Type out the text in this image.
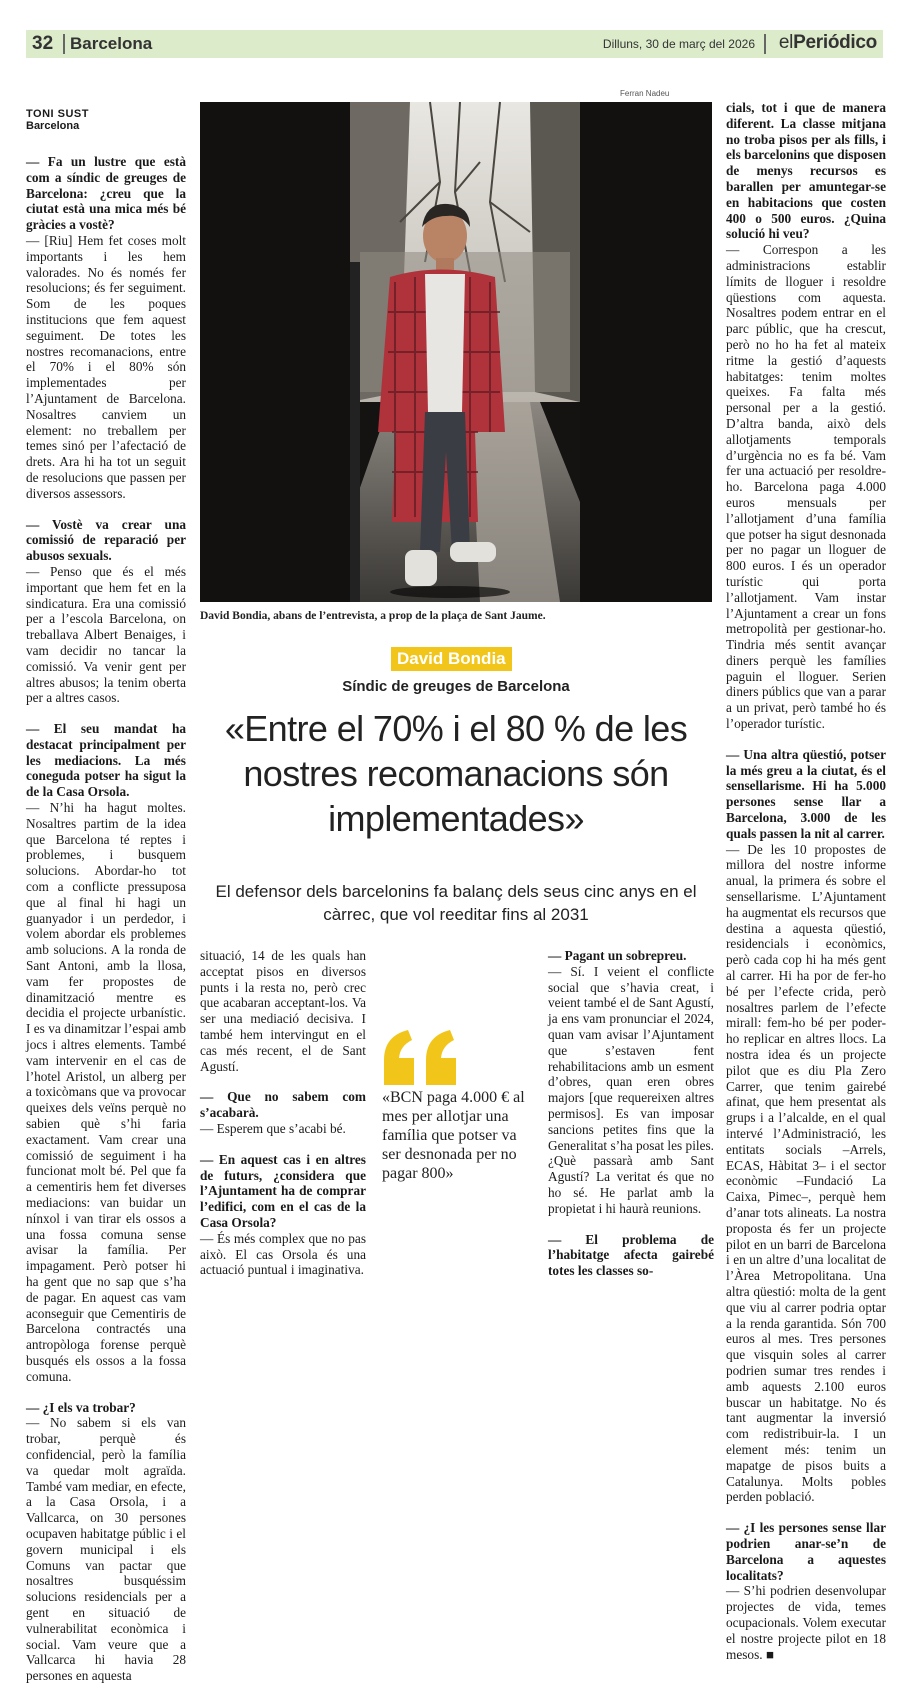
32 Barcelona	Dilluns, 30 de març del 2026 elPeriódico
TONI SUST
Barcelona

— Fa un lustre que està com a síndic de greuges de Barcelona: ¿creu que la ciutat està una mica més bé gràcies a vostè?

— [Riu] Hem fet coses molt importants i les hem valorades. No és només fer resolucions; és fer seguiment. Som de les poques institucions que fem aquest seguiment. De totes les nostres recomanacions, entre el 70% i el 80% són implementades per l’Ajuntament de Barcelona. Nosaltres canviem un element: no treballem per temes sinó per l’afectació de drets. Ara hi ha tot un seguit de resolucions que passen per diversos assessors.

— Vostè va crear una comissió de reparació per abusos sexuals.

— Penso que és el més important que hem fet en la sindicatura. Era una comissió per a l’escola Barcelona, on treballava Albert Benaiges, i vam decidir no tancar la comissió. Va venir gent per altres abusos; la tenim oberta per a altres casos.

— El seu mandat ha destacat principalment per les mediacions. La més coneguda potser ha sigut la de la Casa Orsola.

— N’hi ha hagut moltes. Nosaltres partim de la idea que Barcelona té reptes i problemes, i busquem solucions. Abordar-ho tot com a conflicte pressuposa que al final hi hagi un guanyador i un perdedor, i volem abordar els problemes amb solucions. A la ronda de Sant Antoni, amb la llosa, vam fer propostes de dinamització mentre es decidia el projecte urbanístic. I es va dinamitzar l’espai amb jocs i altres elements. També vam intervenir en el cas de l’hotel Aristol, un alberg per a toxicòmans que va provocar queixes dels veïns perquè no sabien què s’hi faria exactament. Vam crear una comissió de seguiment i ha funcionat molt bé. Pel que fa a cementiris hem fet diverses mediacions: van buidar un nínxol i van tirar els ossos a una fossa comuna sense avisar la família. Per impagament. Però potser hi ha gent que no sap que s’ha de pagar. En aquest cas vam aconseguir que Cementiris de Barcelona contractés una antropòloga forense perquè busqués els ossos a la fossa comuna.

— ¿I els va trobar?

— No sabem si els van trobar, perquè és confidencial, però la família va quedar molt agraïda. També vam mediar, en efecte, a la Casa Orsola, i a Vallcarca, on 30 persones ocupaven habitatge públic i el govern municipal i els Comuns van pactar que nosaltres busquéssim solucions residencials per a gent en situació de vulnerabilitat econòmica i social. Vam veure que a Vallcarca hi havia 28 persones en aquesta

Ferran Nadeu
David Bondia, abans de l’entrevista, a prop de la plaça de Sant Jaume.
David Bondia
Síndic de greuges de Barcelona
«Entre el 70% i el 80 % de les nostres recomanacions són implementades»
El defensor dels barcelonins fa balanç dels seus cinc anys en el càrrec, que vol reeditar fins al 2031

situació, 14 de les quals han acceptat pisos en diversos punts i la resta no, però crec que acabaran acceptant-los. Va ser una mediació decisiva. I també hem intervingut en el cas més recent, el de Sant Agustí.

— Que no sabem com s’acabarà.

— Esperem que s’acabi bé.

— En aquest cas i en altres de futurs, ¿considera que l’Ajuntament ha de comprar l’edifici, com en el cas de la Casa Orsola?

— És més complex que no pas això. El cas Orsola és una actuació puntual i imaginativa.

«BCN paga 4.000 € al mes per allotjar una família que potser va ser desnonada per no pagar 800»

— Pagant un sobrepreu.

— Sí. I veient el conflicte social que s’havia creat, i veient també el de Sant Agustí, ja ens vam pronunciar el 2024, quan vam avisar l’Ajuntament que s’estaven fent rehabilitacions amb un esment d’obres, quan eren obres majors [que requereixen altres permisos]. Es van imposar sancions petites fins que la Generalitat s’ha posat les piles. ¿Què passarà amb Sant Agustí? La veritat és que no ho sé. He parlat amb la propietat i hi haurà reunions.

— El problema de l’habitatge afecta gairebé totes les classes so-

cials, tot i que de manera diferent. La classe mitjana no troba pisos per als fills, i els barcelonins que disposen de menys recursos es barallen per amuntegar-se en habitacions que costen 400 o 500 euros. ¿Quina solució hi veu?

— Correspon a les administracions establir límits de lloguer i resoldre qüestions com aquesta. Nosaltres podem entrar en el parc públic, que ha crescut, però no ho ha fet al mateix ritme la gestió d’aquests habitatges: tenim moltes queixes. Fa falta més personal per a la gestió. D’altra banda, això dels allotjaments temporals d’urgència no es fa bé. Vam fer una actuació per resoldre-ho. Barcelona paga 4.000 euros mensuals per l’allotjament d’una família que potser ha sigut desnonada per no pagar un lloguer de 800 euros. I és un operador turístic qui porta l’allotjament. Vam instar l’Ajuntament a crear un fons metropolità per gestionar-ho. Tindria més sentit avançar diners perquè les famílies paguin el lloguer. Serien diners públics que van a parar a un privat, però també ho és l’operador turístic.

— Una altra qüestió, potser la més greu a la ciutat, és el sensellarisme. Hi ha 5.000 persones sense llar a Barcelona, 3.000 de les quals passen la nit al carrer.

— De les 10 propostes de millora del nostre informe anual, la primera és sobre el sensellarisme. L’Ajuntament ha augmentat els recursos que destina a aquesta qüestió, residencials i econòmics, però cada cop hi ha més gent al carrer. Hi ha por de fer-ho bé per l’efecte crida, però nosaltres parlem de l’efecte mirall: fem-ho bé per poder-ho replicar en altres llocs. La nostra idea és un projecte pilot que es diu Pla Zero Carrer, que tenim gairebé afinat, que hem presentat als grups i a l’alcalde, en el qual intervé l’Administració, les entitats socials –Arrels, ECAS, Hàbitat 3– i el sector econòmic –Fundació La Caixa, Pimec–, perquè hem d’anar tots alineats. La nostra proposta és fer un projecte pilot en un barri de Barcelona i en un altre d’una localitat de l’Àrea Metropolitana. Una altra qüestió: molta de la gent que viu al carrer podria optar a la renda garantida. Són 700 euros al mes. Tres persones que visquin soles al carrer podrien sumar tres rendes i amb aquests 2.100 euros buscar un habitatge. No és tant augmentar la inversió com redistribuir-la. I un element més: tenim un mapatge de pisos buits a Catalunya. Molts pobles perden població.

— ¿I les persones sense llar podrien anar-se’n de Barcelona a aquestes localitats?

— S’hi podrien desenvolupar projectes de vida, temes ocupacionals. Volem executar el nostre projecte pilot en 18 mesos. ■
